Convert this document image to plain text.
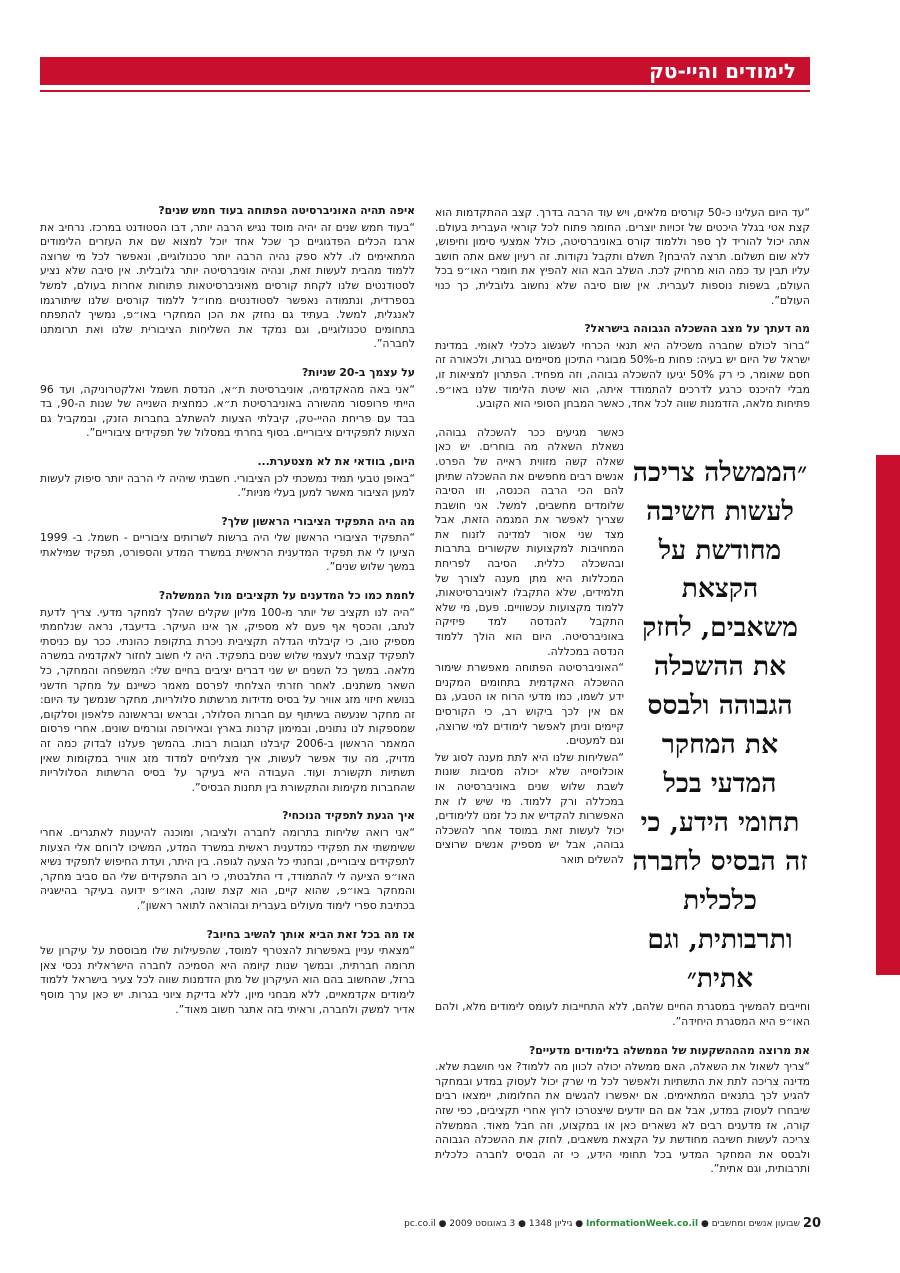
לימודים והיי-טק

“עד היום העלינו כ-50 קורסים מלאים, ויש עוד הרבה בדרך. קצב ההתקדמות הוא קצת אטי בגלל היכטים של זכויות יוצרים. החומר פתוח לכל קוראי העברית בעולם. אתה יכול להוריד לך ספר וללמוד קורס באוניברסיטה, כולל אמצעי סימון וחיפוש, ללא שום תשלום. תרצה להיבחן? תשלם ותקבל נקודות. זה רעיון שאם אתה חושב עליו תבין עד כמה הוא מרחיק לכת. השלב הבא הוא להפיץ את חומרי האו״פ בכל העולם, בשפות נוספות לעברית. אין שום סיבה שלא נחשוב גלובלית, כך כנוי העולם”.

מה דעתך על מצב ההשכלה הגבוהה בישראל?

“ברור לכולם שחברה משכילה היא תנאי הכרחי לשגשוג כלכלי לאומי. במדינת ישראל של היום יש בעיה: פחות מ-50% מבוגרי התיכון מסיימים בגרות, ולכאורה זה חסם שאומר, כי רק 50% יגיעו להשכלה גבוהה, וזה מפחיד. הפתרון למציאות זו, מבלי להיכנס כרגע לדרכים להתמודד איתה, הוא שיטת הלימוד שלנו באו״פ. פתיחות מלאה, הזדמנות שווה לכל אחד, כאשר המבחן הסופי הוא הקובע.

״הממשלה צריכה לעשות חשיבה מחודשת על הקצאת משאבים, לחזק את ההשכלה הגבוהה ולבסס את המחקר המדעי בכל תחומי הידע, כי זה הבסיס לחברה כלכלית ותרבותית, וגם אתית״

כאשר מגיעים ככר להשכלה גבוהה, נשאלת השאלה מה בוחרים. יש כאן שאלה קשה מזווית ראייה של הפרט. אנשים רבים מחפשים את ההשכלה שתיתן להם הכי הרבה הכנסה, וזו הסיבה שלומדים מחשבים, למשל. אני חושבת שצריך לאפשר את המגמה הזאת, אבל מצד שני אסור למדינה לזנוח את המחויבות למקצועות שקשורים בתרבות ובהשכלה כללית. הסיבה לפריחת המכללות היא מתן מענה לצורך של תלמידים, שלא התקבלו לאוניברסיטאות, ללמוד מקצועות עכשוויים. פעם, מי שלא התקבל להנדסה למד פיזיקה באוניברסיטה. היום הוא הולך ללמוד הנדסה במכללה.

“האוניברסיטה הפתוחה מאפשרת שימור ההשכלה האקדמית בתחומים המקנים ידע לשמו, כמו מדעי הרוח או הטבע, גם אם אין לכך ביקוש רב, כי הקורסים קיימים וניתן לאפשר לימודים למי שרוצה, וגם למעטים.

“השליחות שלנו היא לתת מענה לסוג של אוכלוסייה שלא יכולה מסיבות שונות לשבת שלוש שנים באוניברסיטה או במכללה ורק ללמוד. מי שיש לו את האפשרות להקדיש את כל זמנו ללימודים, יכול לעשות זאת במוסד אחר להשכלה גבוהה, אבל יש מספיק אנשים שרוצים להשלים תואר

וחייבים להמשיך במסגרת החיים שלהם, ללא התחייבות לעומס לימודים מלא, ולהם האו״פ היא המסגרת היחידה”.

את מרוצה מהההשקעות של הממשלה בלימודים מדעיים?

“צריך לשאול את השאלה, האם ממשלה יכולה לכוון מה ללמוד? אני חושבת שלא. מדינה צריכה לתת את התשתיות ולאפשר לכל מי שרק יכול לעסוק במדע ובמחקר להגיע לכך בתנאים המתאימים. אם יאפשרו להגשים את החלומות, יימצאו רבים שיבחרו לעסוק במדע, אבל אם הם יודעים שיצטרכו לרוץ אחרי תקציבים, כפי שזה קורה, אז מדענים רבים לא נשארים כאן או במקצוע, וזה חבל מאוד. הממשלה צריכה לעשות חשיבה מחודשת על הקצאת משאבים, לחזק את ההשכלה הגבוהה ולבסס את המחקר המדעי בכל תחומי הידע, כי זה הבסיס לחברה כלכלית ותרבותית, וגם אתית”.

איפה תהיה האוניברסיטה הפתוחה בעוד חמש שנים?

“בעוד חמש שנים זה יהיה מוסד נגיש הרבה יותר, דבו הסטודנט במרכז. נרחיב את ארגז הכלים הפדגוגיים כך שכל אחד יוכל למצוא שם את העזרים הלימודים המתאימים לו. ללא ספק נהיה הרבה יותר טכנולוגיים, ונאפשר לכל מי שרוצה ללמוד מהבית לעשות זאת, ונהיה אוניברסיטה יותר גלובלית. אין סיבה שלא נציע לסטודנטים שלנו לקחת קורסים מאוניברסיטאות פתוחות אחרות בעולם, למשל בספרדית, ונתמודה נאפשר לסטודנטים מחו״ל ללמוד קורסים שלנו שיתורגמו לאנגלית, למשל. בעתיד גם נחזק את הכן המחקרי באו״פ, נמשיך להתפתח בתחומים טכנולוגיים, וגם נמקד את השליחות הציבורית שלנו ואת תרומתנו לחברה”.

על עצמך ב-20 שניות?

“אני באה מהאקדמיה, אוניברסיטת ת״א, הנדסת חשמל ואלקטרוניקה, ועד 96 הייתי פרופסור מהשורה באוניברסיטת ת״א. כמחצית השנייה של שנות ה-90, בד בבד עם פריחת ההיי-טק, קיבלתי הצעות להשתלב בחברות הזנק, ובמקביל גם הצעות לתפקידים ציבוריים. בסוף בחרתי במסלול של תפקידים ציבוריים”.

היום, בוודאי את לא מצטערת...

“באופן טבעי תמיד נמשכתי לכן הציבורי. חשבתי שיהיה לי הרבה יותר סיפוק לעשות למען הציבור מאשר למען בעלי מניות”.

מה היה התפקיד הציבורי הראשון שלך?

“התפקיד הציבורי הראשון שלי היה ברשות לשרותים ציבוריים - חשמל. ב- 1999 הציעו לי את תפקיד המדענית הראשית במשרד המדע והספורט, תפקיד שמילאתי במשך שלוש שנים”.

לחמת כמו כל המדענים על תקציבים מול הממשלה?

“היה לנו תקציב של יותר מ-100 מליון שקלים שהלך למחקר מדעי. צריך לדעת לנתב, והכסף אף פעם לא מספיק, אך אינו העיקר. בדיעבד, נראה שנלחמתי מספיק טוב, כי קיבלתי הגדלה תקציבית ניכרת בתקופת כהונתי. ככר עם כניסתי לתפקיד קצבתי לעצמי שלוש שנים בתפקיד. היה לי חשוב לחזור לאקדמיה במשרה מלאה. במשך כל השנים יש שני דברים יציבים בחיים שלי: המשפחה והמחקר, כל השאר משתנים. לאחר חזרתי הצלחתי לפרסם מאמר כשיינם על מחקר חדשני בנושא חיזוי מזג אוויר על בסיס מדידות מרשתות סלולריות, מחקר שנמשך עד היום: זה מחקר שנעשה בשיתוף עם חברות הסלולר, ובראש ובראשונה פלאפון וסלקום, שמספקות לנו נתונים, ובמימון קרנות בארץ ובאירופה וגורמים שונים. אחרי פרסום המאמר הראשון ב-2006 קיבלנו תגובות רבות. בהמשך פעלנו לבדוק כמה זה מדויק, מה עוד אפשר לעשות, איך מצליחים למדוד מזג אוויר במקומות שאין תשתיות תקשורת ועוד. העבודה היא בעיקר על בסיס הרשתות הסלולריות שהחברות מקימות והתקשורת בין תחנות הבסיס”.

איך הגעת לתפקיד הנוכחי?

“אני רואה שליחות בתרומה לחברה ולציבור, ומוכנה להיענות לאתגרים. אחרי ששימשתי את תפקידי כמדענית ראשית במשרד המדע, המשיכו לרוחם אלי הצעות לתפקידים ציבוריים, ובחנתי כל הצעה לגופה. בין היתר, ועדת החיפוש לתפקיד נשיא האו״פ הציעה לי להתמודד, די התלבטתי, כי רוב התפקידים שלי הם סביב מחקר, והמחקר באו״פ, שהוא קיים, הוא קצת שונה, האו״פ ידועה בעיקר בהישגיה בכתיבת ספרי לימוד מעולים בעברית ובהוראה לתואר ראשון”.

אז מה בכל זאת הביא אותך להשיב בחיוב?

“מצאתי עניין באפשרות להצטרף למוסד, שהפעילות שלו מבוססת על עיקרון של תרומה חברתית, ובמשך שנות קיומה היא הסמיכה לחברה הישראלית נכסי צאן ברזל, שהחשוב בהם הוא העיקרון של מתן הזדמנות שווה לכל צעיר בישראל ללמוד לימודים אקדמאיים, ללא מבחני מיון, ללא בדיקת ציוני בגרות. יש כאן ערך מוסף אדיר למשק ולחברה, וראיתי בזה אתגר חשוב מאוד”.

20
שבועון אנשים ומחשבים ● InformationWeek.co.il ● גיליון 1348 ● 3 באוגוסט 2009 ● pc.co.il
